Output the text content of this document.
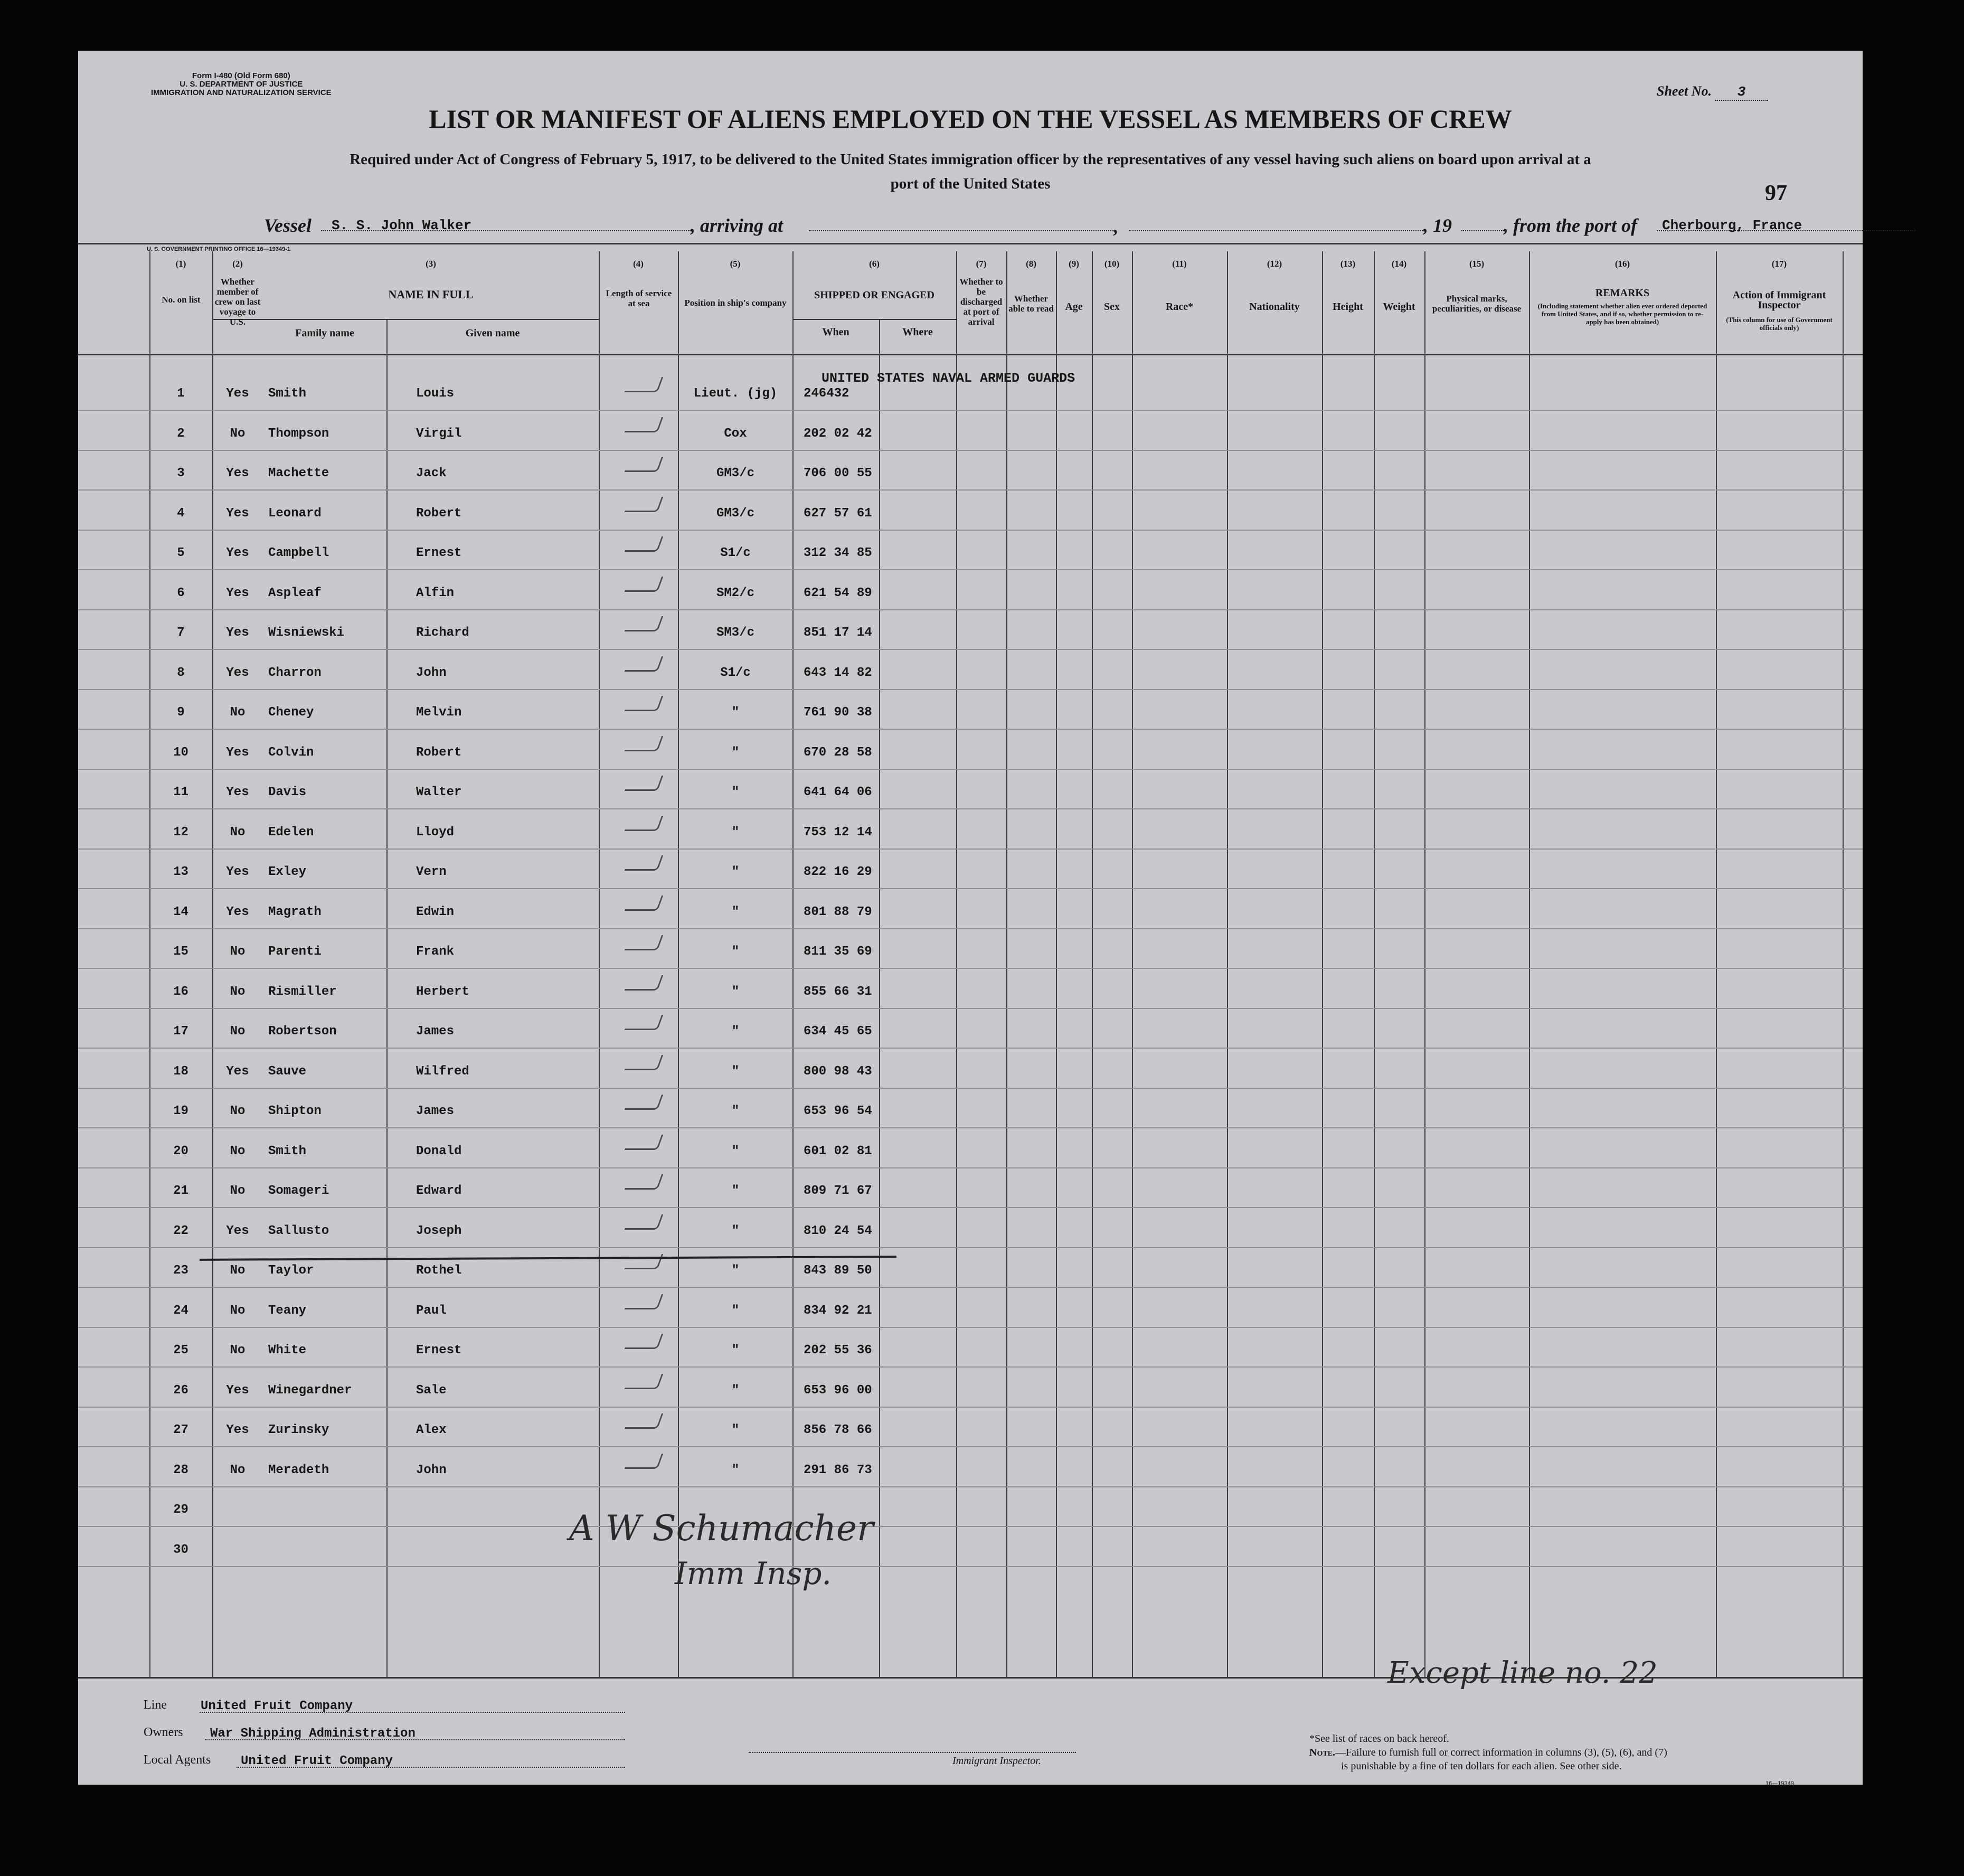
Form I-480 (Old Form 680)
U. S. DEPARTMENT OF JUSTICE
IMMIGRATION AND NATURALIZATION SERVICE	Sheet No. 3
LIST OR MANIFEST OF ALIENS EMPLOYED ON THE VESSEL AS MEMBERS OF CREW
Required under Act of Congress of February 5, 1917, to be delivered to the United States immigration officer by the representatives of any vessel having such aliens on board upon arrival at a
port of the United States	97
Vessel S. S. John Walker	, arriving at	,	, 19	, from the port of Cherbourg, France
U. S. GOVERNMENT PRINTING OFFICE 16—19349-1
(1)	(2)	(3)	(4)	(5)	(6)	(7)	(8)	(9)	(10)	(11)	(12)	(13)	(14)	(15)	(16)	(17)
No. on list
Whether member of crew on last voyage to U.S.
NAME IN FULL
Family name	Given name
Length of service at sea	Position in ship's company
SHIPPED OR ENGAGED
When	Where
Whether to be discharged at port of arrival
Whether able to read	Age	Sex	Race*	Nationality	Height	Weight
Physical marks, peculiarities, or disease
REMARKS
(Including statement whether alien ever ordered deported from United States, and if so, whether permission to re-apply has been obtained)
Action of Immigrant Inspector
(This column for use of Government officials only)
UNITED STATES NAVAL ARMED GUARDS
1	Yes	Smith	Louis	Lieut. (jg)	246432
2	No	Thompson	Virgil	Cox	202 02 42
3	Yes	Machette	Jack	GM3/c	706 00 55
4	Yes	Leonard	Robert	GM3/c	627 57 61
5	Yes	Campbell	Ernest	S1/c	312 34 85
6	Yes	Aspleaf	Alfin	SM2/c	621 54 89
7	Yes	Wisniewski	Richard	SM3/c	851 17 14
8	Yes	Charron	John	S1/c	643 14 82
9	No	Cheney	Melvin	"	761 90 38
10	Yes	Colvin	Robert	"	670 28 58
11	Yes	Davis	Walter	"	641 64 06
12	No	Edelen	Lloyd	"	753 12 14
13	Yes	Exley	Vern	"	822 16 29
14	Yes	Magrath	Edwin	"	801 88 79
15	No	Parenti	Frank	"	811 35 69
16	No	Rismiller	Herbert	"	855 66 31
17	No	Robertson	James	"	634 45 65
18	Yes	Sauve	Wilfred	"	800 98 43
19	No	Shipton	James	"	653 96 54
20	No	Smith	Donald	"	601 02 81
21	No	Somageri	Edward	"	809 71 67
22	Yes	Sallusto	Joseph	"	810 24 54
23	No	Taylor	Rothel	"	843 89 50
24	No	Teany	Paul	"	834 92 21
25	No	White	Ernest	"	202 55 36
26	Yes	Winegardner	Sale	"	653 96 00
27	Yes	Zurinsky	Alex	"	856 78 66
28	No	Meradeth	John	"	291 86 73
29
30
A W Schumacher
Imm Insp.
Except line no. 22
Line	United Fruit Company
Owners War Shipping Administration
Local Agents United Fruit Company	Immigrant Inspector.
*See list of races on back hereof.
Note.—Failure to furnish full or correct information in columns (3), (5), (6), and (7)
is punishable by a fine of ten dollars for each alien. See other side.
16—19349
